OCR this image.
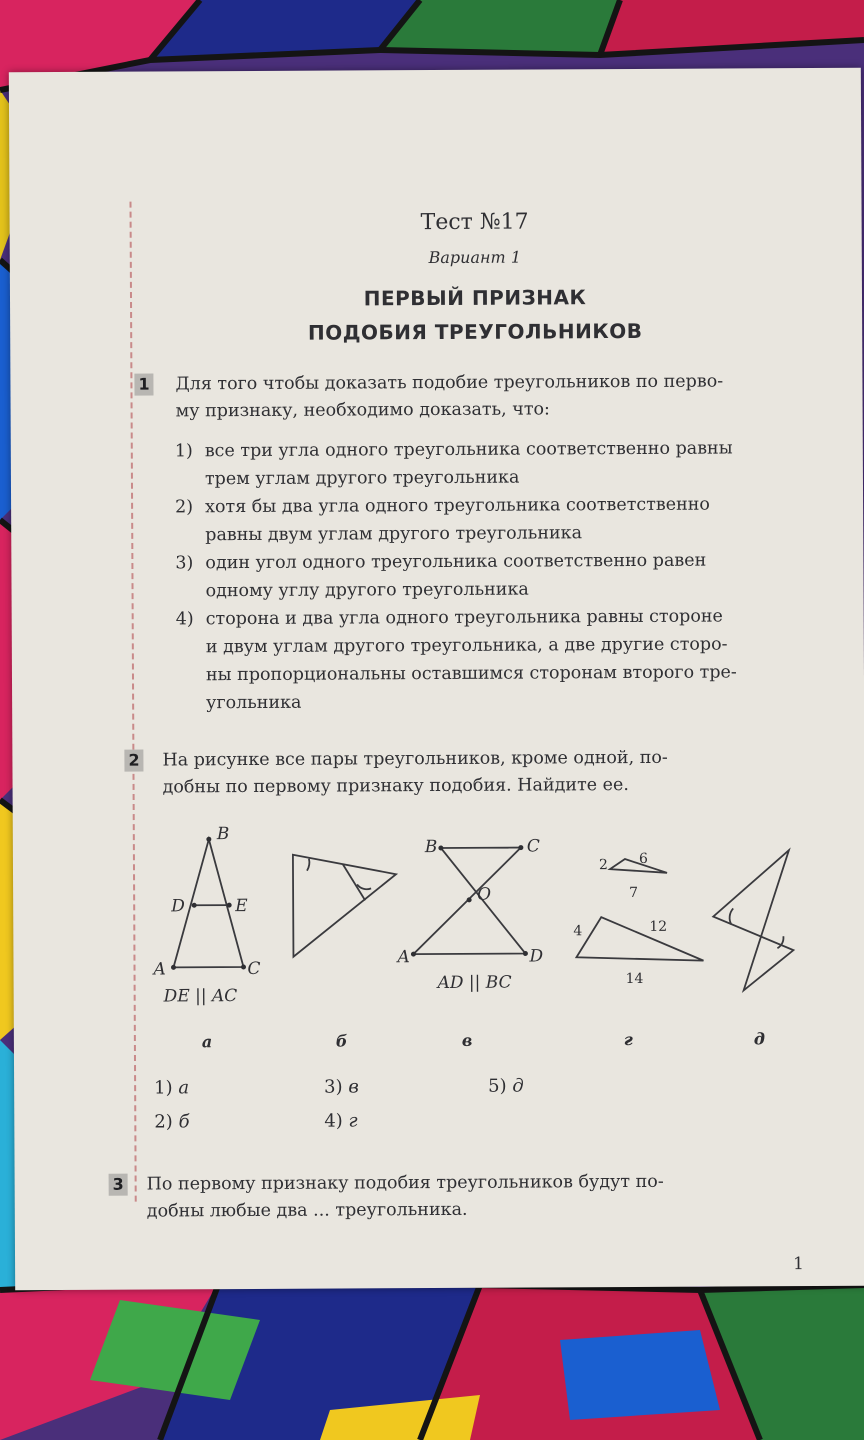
Тест №17
Вариант 1
ПЕРВЫЙ ПРИЗНАК
ПОДОБИЯ ТРЕУГОЛЬНИКОВ
1 Для того чтобы доказать подобие треугольников по перво-
му признаку, необходимо доказать, что:
1) все три угла одного треугольника соответственно равны
трем углам другого треугольника
2) хотя бы два угла одного треугольника соответственно
равны двум углам другого треугольника
3) один угол одного треугольника соответственно равен
одному углу другого треугольника
4) сторона и два угла одного треугольника равны стороне
и двум углам другого треугольника, а две другие сторо-
ны пропорциональны оставшимся сторонам второго тре-
угольника
2 На рисунке все пары треугольников, кроме одной, по-
добны по первому признаку подобия. Найдите ее.
B
D	E
A	C
B	C
O
A	D
2 6
7
4	12
14
DE || AC
AD || BC
а	б	в	г	д
1) а
2) б
3) в
4) г
5) д
3 По первому признаку подобия треугольников будут по-
добны любые два ... треугольника.
1
